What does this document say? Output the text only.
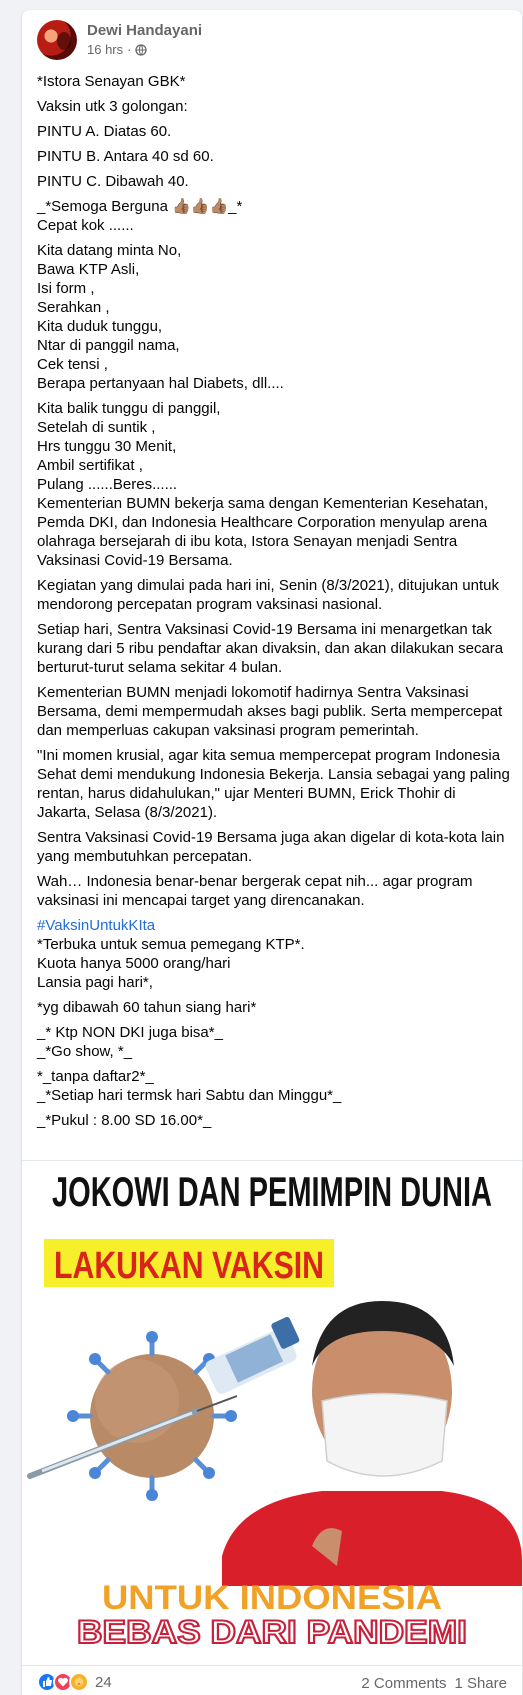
Dewi Handayani
16 hrs ·

*Istora Senayan GBK*

Vaksin utk 3 golongan:

PINTU A. Diatas 60.

PINTU B. Antara 40 sd 60.

PINTU C. Dibawah 40.

_*Semoga Berguna 👍🏽👍🏽👍🏽_*
Cepat kok ......

Kita datang minta No,
Bawa KTP Asli,
Isi form ,
Serahkan ,
Kita duduk tunggu,
Ntar di panggil nama,
Cek tensi ,
Berapa pertanyaan hal Diabets, dll....

Kita balik tunggu di panggil,
Setelah di suntik ,
Hrs tunggu 30 Menit,
Ambil sertifikat ,
Pulang ......Beres......
Kementerian BUMN bekerja sama dengan Kementerian Kesehatan, Pemda DKI, dan Indonesia Healthcare Corporation menyulap arena olahraga bersejarah di ibu kota, Istora Senayan menjadi Sentra Vaksinasi Covid-19 Bersama.

Kegiatan yang dimulai pada hari ini, Senin (8/3/2021), ditujukan untuk mendorong percepatan program vaksinasi nasional.

Setiap hari, Sentra Vaksinasi Covid-19 Bersama ini menargetkan tak kurang dari 5 ribu pendaftar akan divaksin, dan akan dilakukan secara berturut-turut selama sekitar 4 bulan.

Kementerian BUMN menjadi lokomotif hadirnya Sentra Vaksinasi Bersama, demi mempermudah akses bagi publik. Serta mempercepat dan memperluas cakupan vaksinasi program pemerintah.

"Ini momen krusial, agar kita semua mempercepat program Indonesia Sehat demi mendukung Indonesia Bekerja. Lansia sebagai yang paling rentan, harus didahulukan," ujar Menteri BUMN, Erick Thohir di Jakarta, Selasa (8/3/2021).

Sentra Vaksinasi Covid-19 Bersama juga akan digelar di kota-kota lain yang membutuhkan percepatan.

Wah… Indonesia benar-benar bergerak cepat nih... agar program vaksinasi ini mencapai target yang direncanakan.

#VaksinUntukKIta

*Terbuka untuk semua pemegang KTP*.
Kuota hanya 5000 orang/hari
Lansia pagi hari*,

*yg dibawah 60 tahun siang hari*

_* Ktp NON DKI juga bisa*_
_*Go show, *_

*_tanpa daftar2*_
_*Setiap hari termsk hari Sabtu dan Minggu*_

_*Pukul : 8.00 SD 16.00*_

JOKOWI DAN PEMIMPIN DUNIA
LAKUKAN VAKSIN
UNTUK INDONESIA
BEBAS DARI PANDEMI
24	2 Comments 1 Share
